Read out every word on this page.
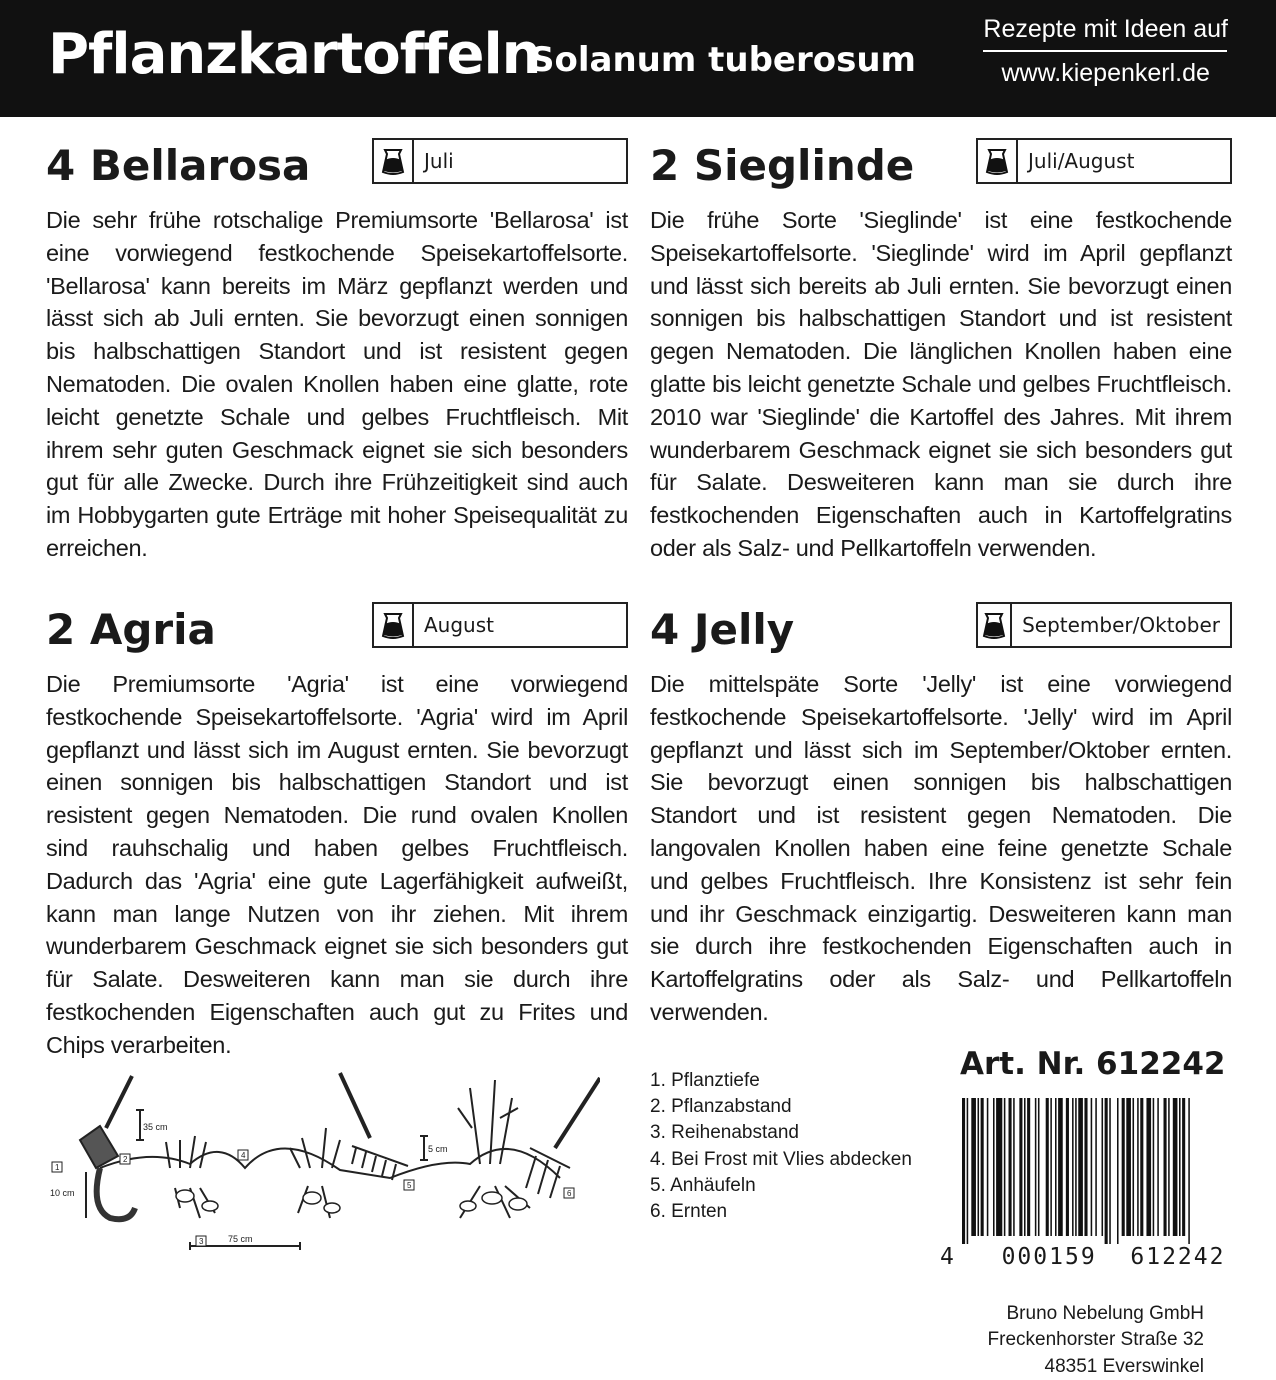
Pflanzkartoffeln
Solanum tuberosum
Rezepte mit Ideen auf
www.kiepenkerl.de
4 Bellarosa	Juli
Die sehr frühe rotschalige Premiumsorte 'Bellarosa' ist eine vorwiegend festkochende Speisekartoffelsorte. 'Bellarosa' kann bereits im März gepflanzt werden und lässt sich ab Juli ernten. Sie bevorzugt einen sonnigen bis halbschattigen Standort und ist resistent gegen Nematoden. Die ovalen Knollen haben eine glatte, rote leicht genetzte Schale und gelbes Fruchtfleisch. Mit ihrem sehr guten Geschmack eignet sie sich besonders gut für alle Zwecke. Durch ihre Frühzeitigkeit sind auch im Hobbygarten gute Erträge mit hoher Speisequalität zu erreichen.
2 Sieglinde	Juli/August
Die frühe Sorte 'Sieglinde' ist eine festkochende Speisekartoffelsorte. 'Sieglinde' wird im April gepflanzt und lässt sich bereits ab Juli ernten. Sie bevorzugt einen sonnigen bis halbschattigen Standort und ist resistent gegen Nematoden. Die länglichen Knollen haben eine glatte bis leicht genetzte Schale und gelbes Fruchtfleisch. 2010 war 'Sieglinde' die Kartoffel des Jahres. Mit ihrem wunderbarem Geschmack eignet sie sich besonders gut für Salate. Desweiteren kann man sie durch ihre festkochenden Eigenschaften auch in Kartoffelgratins oder als Salz- und Pellkartoffeln verwenden.
2 Agria	August
Die Premiumsorte 'Agria' ist eine vorwiegend festkochende Speisekartoffelsorte. 'Agria' wird im April gepflanzt und lässt sich im August ernten. Sie bevorzugt einen sonnigen bis halbschattigen Standort und ist resistent gegen Nematoden. Die rund ovalen Knollen sind rauhschalig und haben gelbes Fruchtfleisch. Dadurch das 'Agria' eine gute Lagerfähigkeit aufweißt, kann man lange Nutzen von ihr ziehen. Mit ihrem wunderbarem Geschmack eignet sie sich besonders gut für Salate. Desweiteren kann man sie durch ihre festkochenden Eigenschaften auch gut zu Frites und Chips verarbeiten.
4 Jelly	September/Oktober
Die mittelspäte Sorte 'Jelly' ist eine vorwiegend festkochende Speisekartoffelsorte. 'Jelly' wird im April gepflanzt und lässt sich im September/Oktober ernten. Sie bevorzugt einen sonnigen bis halbschattigen Standort und ist resistent gegen Nematoden. Die langovalen Knollen haben eine feine genetzte Schale und gelbes Fruchtfleisch. Ihre Konsistenz ist sehr fein und ihr Geschmack einzigartig. Desweiteren kann man sie durch ihre festkochenden Eigenschaften auch in Kartoffelgratins oder als Salz- und Pellkartoffeln verwenden.
35 cm
10 cm
5 cm
75 cm
1
2
3
4
5
6
1. Pflanztiefe
2. Pflanzabstand
3. Reihenabstand
4. Bei Frost mit Vlies abdecken
5. Anhäufeln
6. Ernten
Art. Nr. 612242
4 000159 612242
Bruno Nebelung GmbH
Freckenhorster Straße 32
48351 Everswinkel
